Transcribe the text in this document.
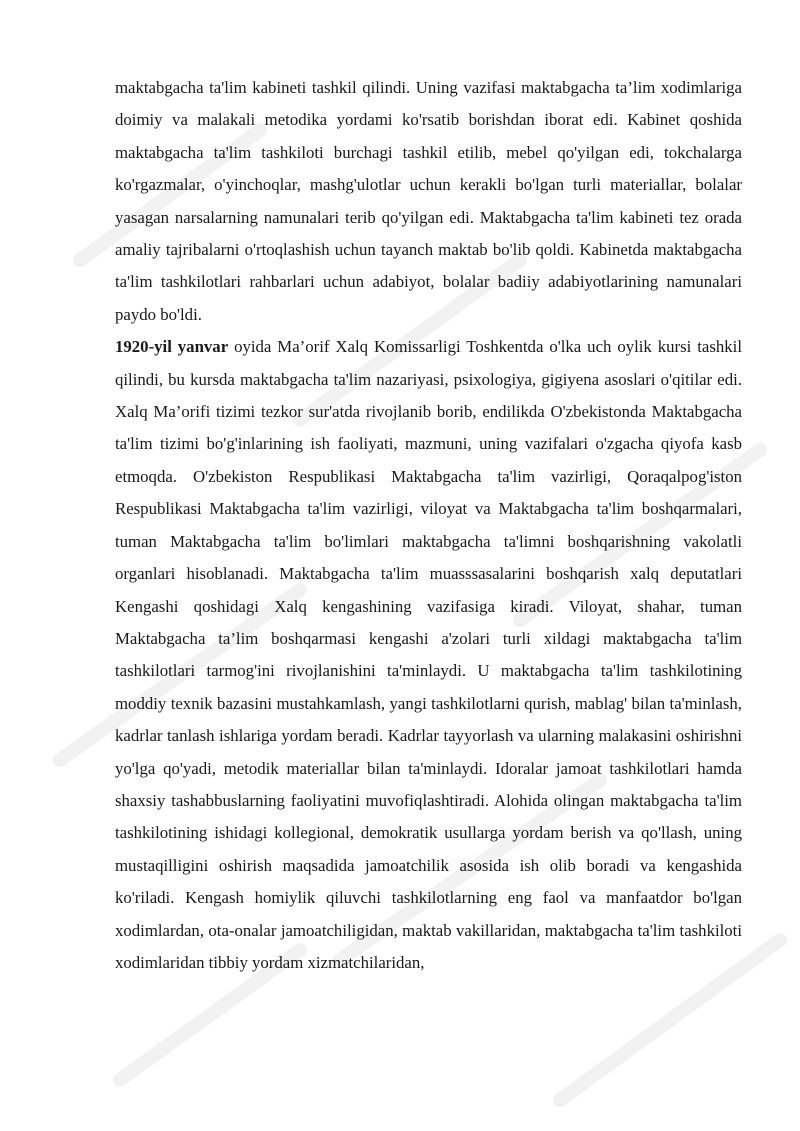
maktabgacha ta'lim kabineti tashkil qilindi. Uning vazifasi maktabgacha ta’lim xodimlariga doimiy va malakali metodika yordami ko'rsatib borishdan iborat edi. Kabinet qoshida maktabgacha ta'lim tashkiloti burchagi tashkil etilib, mebel qo'yilgan edi, tokchalarga ko'rgazmalar, o'yinchoqlar, mashg'ulotlar uchun kerakli bo'lgan turli materiallar, bolalar yasagan narsalarning namunalari terib qo'yilgan edi. Maktabgacha ta'lim kabineti tez orada amaliy tajribalarni o'rtoqlashish uchun tayanch maktab bo'lib qoldi. Kabinetda maktabgacha ta'lim tashkilotlari rahbarlari uchun adabiyot, bolalar badiiy adabiyotlarining namunalari paydo bo'ldi.

1920-yil yanvar oyida Ma’orif Xalq Komissarligi Toshkentda o'lka uch oylik kursi tashkil qilindi, bu kursda maktabgacha ta'lim nazariyasi, psixologiya, gigiyena asoslari o'qitilar edi. Xalq Ma’orifi tizimi tezkor sur'atda rivojlanib borib, endilikda O'zbekistonda Maktabgacha ta'lim tizimi bo'g'inlarining ish faoliyati, mazmuni, uning vazifalari o'zgacha qiyofa kasb etmoqda. O'zbekiston Respublikasi Maktabgacha ta'lim vazirligi, Qoraqalpog'iston Respublikasi Maktabgacha ta'lim vazirligi, viloyat va Maktabgacha ta'lim boshqarmalari, tuman Maktabgacha ta'lim bo'limlari maktabgacha ta'limni boshqarishning vakolatli organlari hisoblanadi. Maktabgacha ta'lim muasssasalarini boshqarish xalq deputatlari Kengashi qoshidagi Xalq kengashining vazifasiga kiradi. Viloyat, shahar, tuman Maktabgacha ta’lim boshqarmasi kengashi a'zolari turli xildagi maktabgacha ta'lim tashkilotlari tarmog'ini rivojlanishini ta'minlaydi. U maktabgacha ta'lim tashkilotining moddiy texnik bazasini mustahkamlash, yangi tashkilotlarni qurish, mablag' bilan ta'minlash, kadrlar tanlash ishlariga yordam beradi. Kadrlar tayyorlash va ularning malakasini oshirishni yo'lga qo'yadi, metodik materiallar bilan ta'minlaydi. Idoralar jamoat tashkilotlari hamda shaxsiy tashabbuslarning faoliyatini muvofiqlashtiradi. Alohida olingan maktabgacha ta'lim tashkilotining ishidagi kollegional, demokratik usullarga yordam berish va qo'llash, uning mustaqilligini oshirish maqsadida jamoatchilik asosida ish olib boradi va kengashida ko'riladi. Kengash homiylik qiluvchi tashkilotlarning eng faol va manfaatdor bo'lgan xodimlardan, ota-onalar jamoatchiligidan, maktab vakillaridan, maktabgacha ta'lim tashkiloti xodimlaridan tibbiy yordam xizmatchilaridan,
